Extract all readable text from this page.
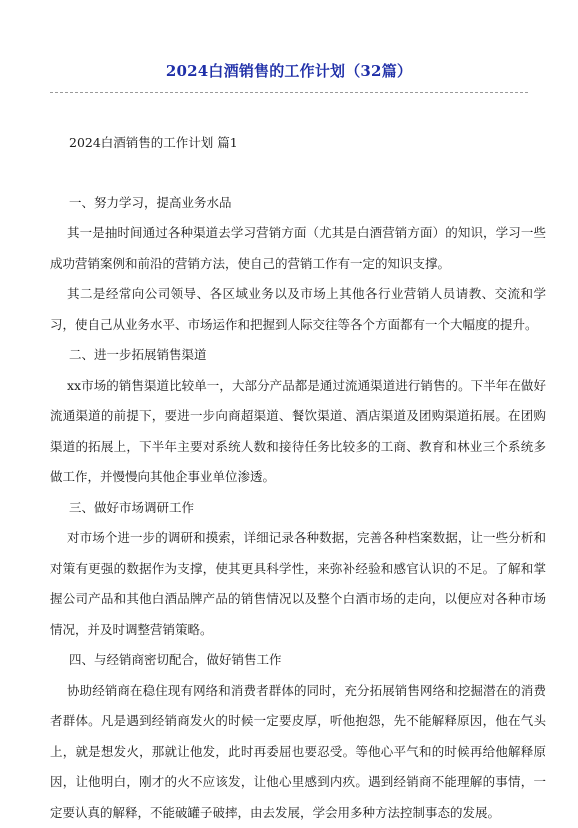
2024白酒销售的工作计划（32篇）

2024白酒销售的工作计划 篇1

一、努力学习，提高业务水品

其一是抽时间通过各种渠道去学习营销方面（尤其是白酒营销方面）的知识，学习一些成功营销案例和前沿的营销方法，使自己的营销工作有一定的知识支撑。

其二是经常向公司领导、各区域业务以及市场上其他各行业营销人员请教、交流和学习，使自己从业务水平、市场运作和把握到人际交往等各个方面都有一个大幅度的提升。

二、进一步拓展销售渠道

xx市场的销售渠道比较单一，大部分产品都是通过流通渠道进行销售的。下半年在做好流通渠道的前提下，要进一步向商超渠道、餐饮渠道、酒店渠道及团购渠道拓展。在团购渠道的拓展上，下半年主要对系统人数和接待任务比较多的工商、教育和林业三个系统多做工作，并慢慢向其他企事业单位渗透。

三、做好市场调研工作

对市场个进一步的调研和摸索，详细记录各种数据，完善各种档案数据，让一些分析和对策有更强的数据作为支撑，使其更具科学性，来弥补经验和感官认识的不足。了解和掌握公司产品和其他白酒品牌产品的销售情况以及整个白酒市场的走向，以便应对各种市场情况，并及时调整营销策略。

四、与经销商密切配合，做好销售工作

协助经销商在稳住现有网络和消费者群体的同时，充分拓展销售网络和挖掘潜在的消费者群体。凡是遇到经销商发火的时候一定要皮厚，听他抱怨，先不能解释原因，他在气头上，就是想发火，那就让他发，此时再委屈也要忍受。等他心平气和的时候再给他解释原因，让他明白，刚才的火不应该发，让他心里感到内疚。遇到经销商不能理解的事情，一定要认真的解释，不能破罐子破摔，由去发展，学会用多种方法控制事态的发展。
